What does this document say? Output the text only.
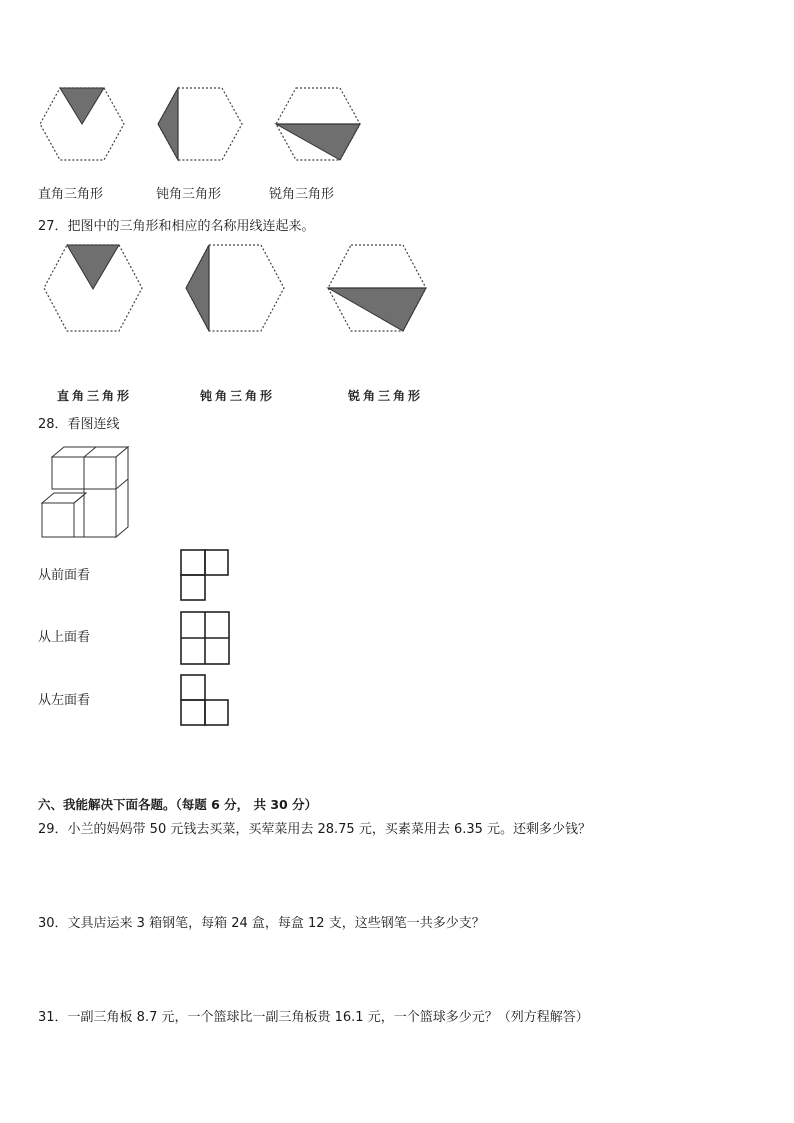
直角三角形	钝角三角形	锐角三角形
27．把图中的三角形和相应的名称用线连起来。
直角三角形	钝角三角形	锐角三角形
28．看图连线
从前面看
从上面看
从左面看
六、我能解决下面各题。（每题 6 分， 共 30 分）
29．小兰的妈妈带 50 元钱去买菜，买荤菜用去 28.75 元，买素菜用去 6.35 元。还剩多少钱？
30．文具店运来 3 箱钢笔，每箱 24 盒，每盒 12 支，这些钢笔一共多少支？
31．一副三角板 8.7 元，一个篮球比一副三角板贵 16.1 元，一个篮球多少元？（列方程解答）
